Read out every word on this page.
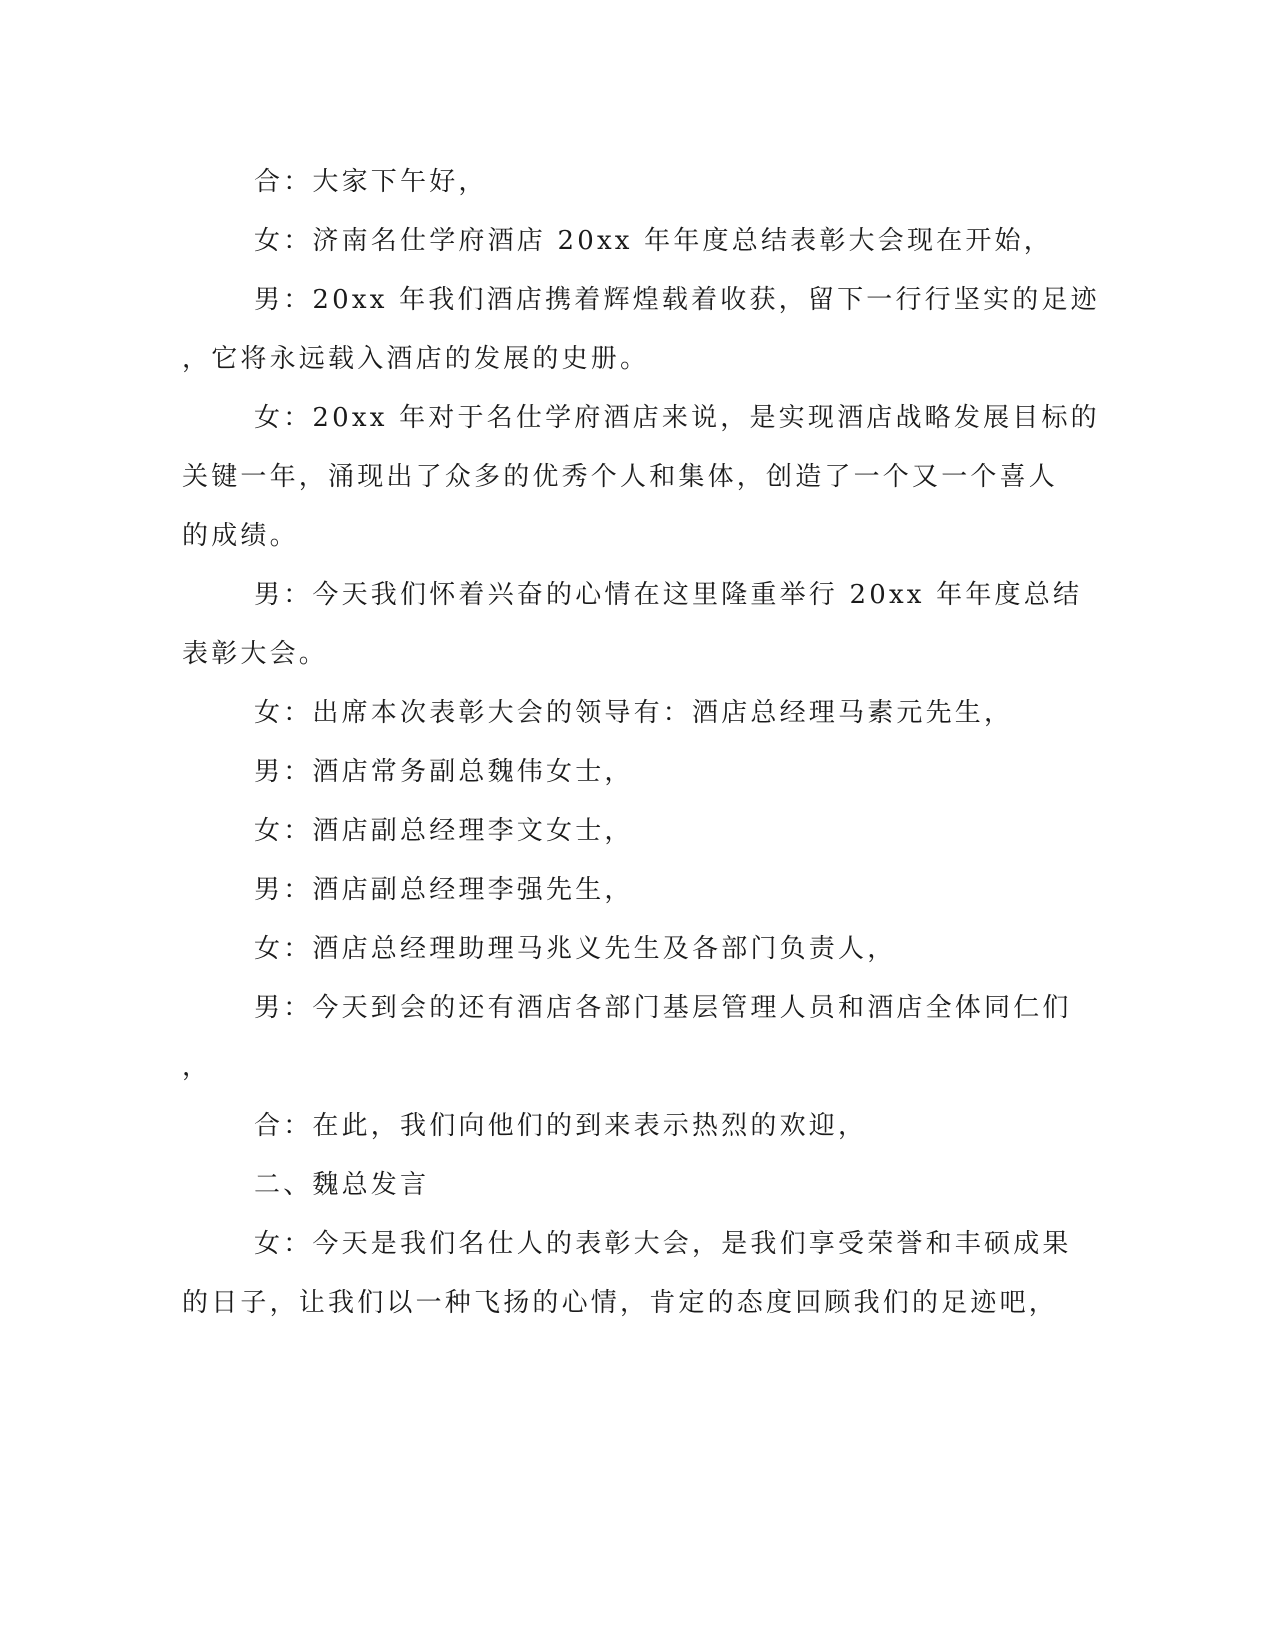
合：大家下午好，
女：济南名仕学府酒店 20xx 年年度总结表彰大会现在开始，
男：20xx 年我们酒店携着辉煌载着收获，留下一行行坚实的足迹
，它将永远载入酒店的发展的史册。
女：20xx 年对于名仕学府酒店来说，是实现酒店战略发展目标的
关键一年，涌现出了众多的优秀个人和集体，创造了一个又一个喜人
的成绩。
男：今天我们怀着兴奋的心情在这里隆重举行 20xx 年年度总结
表彰大会。
女：出席本次表彰大会的领导有：酒店总经理马素元先生，
男：酒店常务副总魏伟女士，
女：酒店副总经理李文女士，
男：酒店副总经理李强先生，
女：酒店总经理助理马兆义先生及各部门负责人，
男：今天到会的还有酒店各部门基层管理人员和酒店全体同仁们
，
合：在此，我们向他们的到来表示热烈的欢迎，
二、魏总发言
女：今天是我们名仕人的表彰大会，是我们享受荣誉和丰硕成果
的日子，让我们以一种飞扬的心情，肯定的态度回顾我们的足迹吧，
